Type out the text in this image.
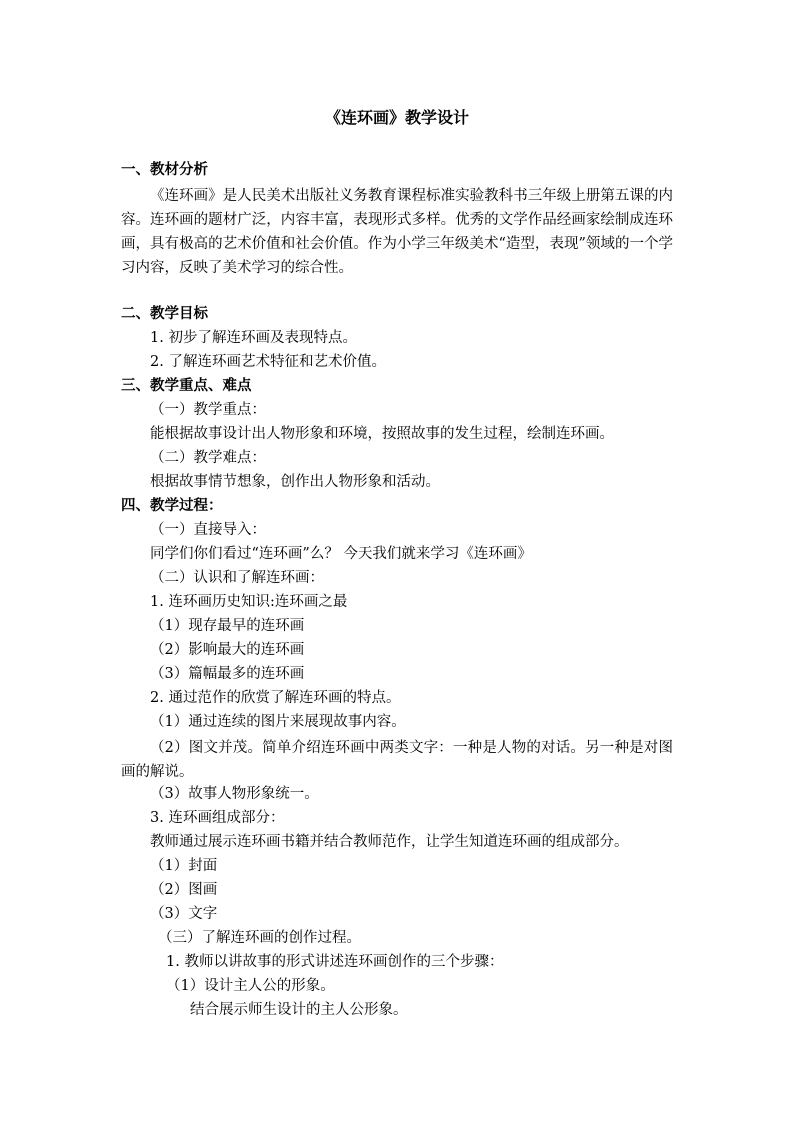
《连环画》教学设计
一、教材分析
《连环画》是人民美术出版社义务教育课程标准实验教科书三年级上册第五课的内容。连环画的题材广泛，内容丰富，表现形式多样。优秀的文学作品经画家绘制成连环画，具有极高的艺术价值和社会价值。作为小学三年级美术“造型，表现”领域的一个学习内容，反映了美术学习的综合性。
二、教学目标
1. 初步了解连环画及表现特点。
2. 了解连环画艺术特征和艺术价值。
三、教学重点、难点
（一）教学重点：
能根据故事设计出人物形象和环境，按照故事的发生过程，绘制连环画。
（二）教学难点：
根据故事情节想象，创作出人物形象和活动。
四、教学过程：
（一）直接导入：
同学们你们看过“连环画”么？ 今天我们就来学习《连环画》
（二）认识和了解连环画：
1. 连环画历史知识:连环画之最
（1）现存最早的连环画
（2）影响最大的连环画
（3）篇幅最多的连环画
2. 通过范作的欣赏了解连环画的特点。
（1）通过连续的图片来展现故事内容。
（2）图文并茂。简单介绍连环画中两类文字：一种是人物的对话。另一种是对图画的解说。
（3）故事人物形象统一。
3. 连环画组成部分：
教师通过展示连环画书籍并结合教师范作，让学生知道连环画的组成部分。
（1）封面
（2）图画
（3）文字
（三）了解连环画的创作过程。
1. 教师以讲故事的形式讲述连环画创作的三个步骤：
（1）设计主人公的形象。
结合展示师生设计的主人公形象。
